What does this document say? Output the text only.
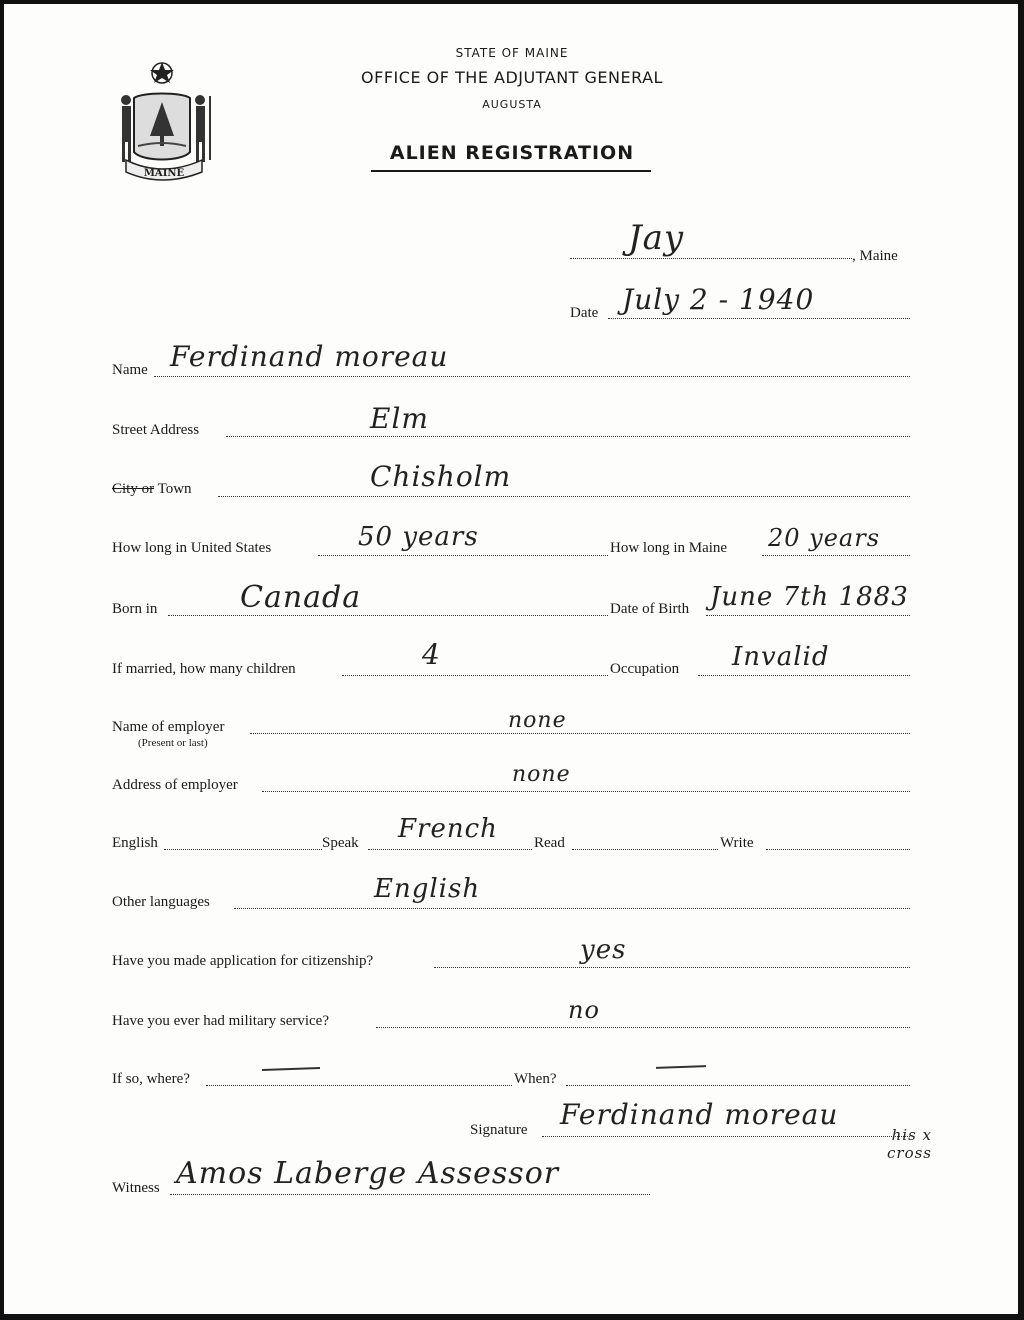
MAINE
STATE OF MAINE
OFFICE OF THE ADJUTANT GENERAL
AUGUSTA
ALIEN REGISTRATION
Jay	, Maine
Date July 2 - 1940
Name Ferdinand moreau
Street Address	Elm
City or Town	Chisholm
How long in United States	50 years	How long in Maine 20 years
Born in	Canada	Date of Birth June 7th 1883
If married, how many children	4	Occupation Invalid
Name of employer
(Present or last)
none
Address of employer	none
English	Speak French Read	Write
Other languages	English
Have you made application for citizenship?	yes
Have you ever had military service?	no
If so, where?	When?
Signature Ferdinand moreau
his x cross
Witness Amos Laberge Assessor
